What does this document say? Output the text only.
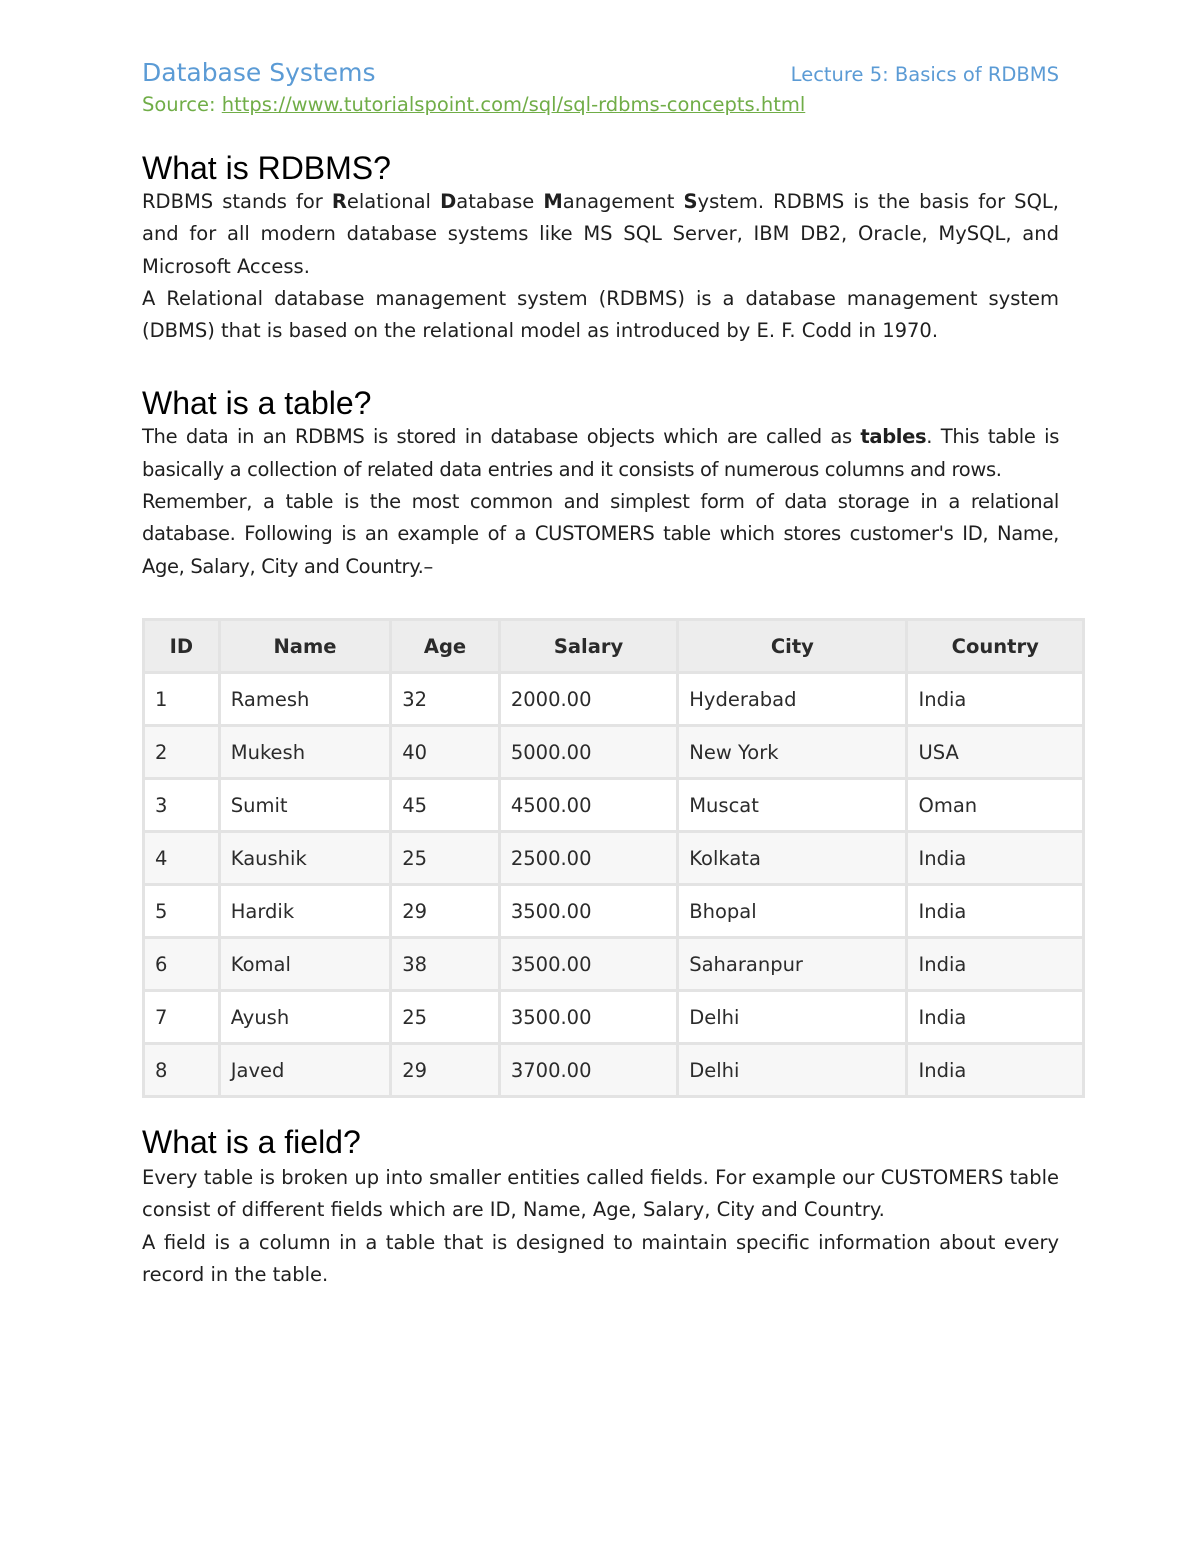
Database Systems	Lecture 5: Basics of RDBMS
Source: https://www.tutorialspoint.com/sql/sql-rdbms-concepts.html
What is RDBMS?

RDBMS stands for Relational Database Management System. RDBMS is the basis for SQL, and for all modern database systems like MS SQL Server, IBM DB2, Oracle, MySQL, and Microsoft Access.

A Relational database management system (RDBMS) is a database management system (DBMS) that is based on the relational model as introduced by E. F. Codd in 1970.

What is a table?

The data in an RDBMS is stored in database objects which are called as tables. This table is basically a collection of related data entries and it consists of numerous columns and rows.

Remember, a table is the most common and simplest form of data storage in a relational database. Following is an example of a CUSTOMERS table which stores customer's ID, Name, Age, Salary, City and Country.–

ID	Name	Age	Salary	City	Country
1	Ramesh	32	2000.00	Hyderabad	India
2	Mukesh	40	5000.00	New York	USA
3	Sumit	45	4500.00	Muscat	Oman
4	Kaushik	25	2500.00	Kolkata	India
5	Hardik	29	3500.00	Bhopal	India
6	Komal	38	3500.00	Saharanpur	India
7	Ayush	25	3500.00	Delhi	India
8	Javed	29	3700.00	Delhi	India
What is a field?

Every table is broken up into smaller entities called fields. For example our CUSTOMERS table consist of different fields which are ID, Name, Age, Salary, City and Country.

A field is a column in a table that is designed to maintain specific information about every record in the table.
